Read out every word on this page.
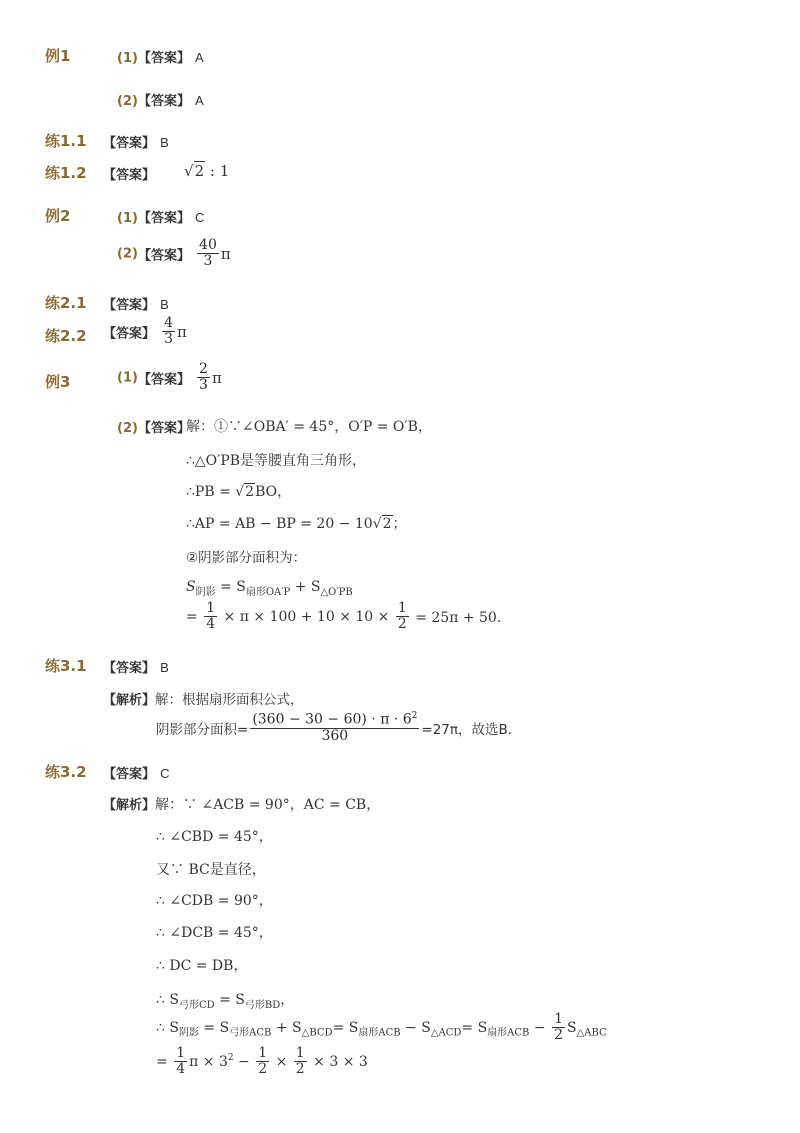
例1	(1)【答案】 A
(2)【答案】 A
练1.1 【答案】 B
练1.2 【答案】 √2 : 1
例2	(1)【答案】 C
(2)【答案】 $\frac{40}{3}$ π
练2.1 【答案】 B
练2.2 【答案】 $\frac{4}{3}$ π
例3	(1)【答案】 $\frac{2}{3}$ π
(2)【答案】
解：①∵∠OBA′ = 45°，O′P = O′B，
∴△O′PB是等腰直角三角形，
∴PB = √2BO，
∴AP = AB − BP = 20 − 10√2；
②阴影部分面积为：
$S_{阴影} = S_{扇形OA'P} + S_{\triangle O'PB}$
= $\frac{1}{4} \times \pi \times 100 + 10 \times 10 \times \frac{1}{2} = 25\pi + 50$．
练3.1 【答案】 B
【解析】解：根据扇形面积公式，
阴影部分面积= $\frac{(360 - 30 - 60) \cdot \pi \cdot 6^2}{360} =27\pi$，故选B．
练3.2 【答案】 C
【解析】解：∵ ∠ACB = 90°，AC = CB，
∴ ∠CBD = 45°，
又∵ BC是直径，
∴ ∠CDB = 90°，
∴ ∠DCB = 45°，
∴ DC = DB，
∴ $S_{弓形CD} = S_{弓形BD}$，
∴ $S_{阴影} = S_{弓形ACB} + S_{\triangle BCD}= S_{扇形ACB} - S_{\triangle ACD}= S_{扇形ACB} - \frac{1}{2} S_{\triangle ABC}$
= $\frac{1}{4}$ $\pi \times 3^2 - \frac{1}{2} \times \frac{1}{2} \times 3 \times 3$
